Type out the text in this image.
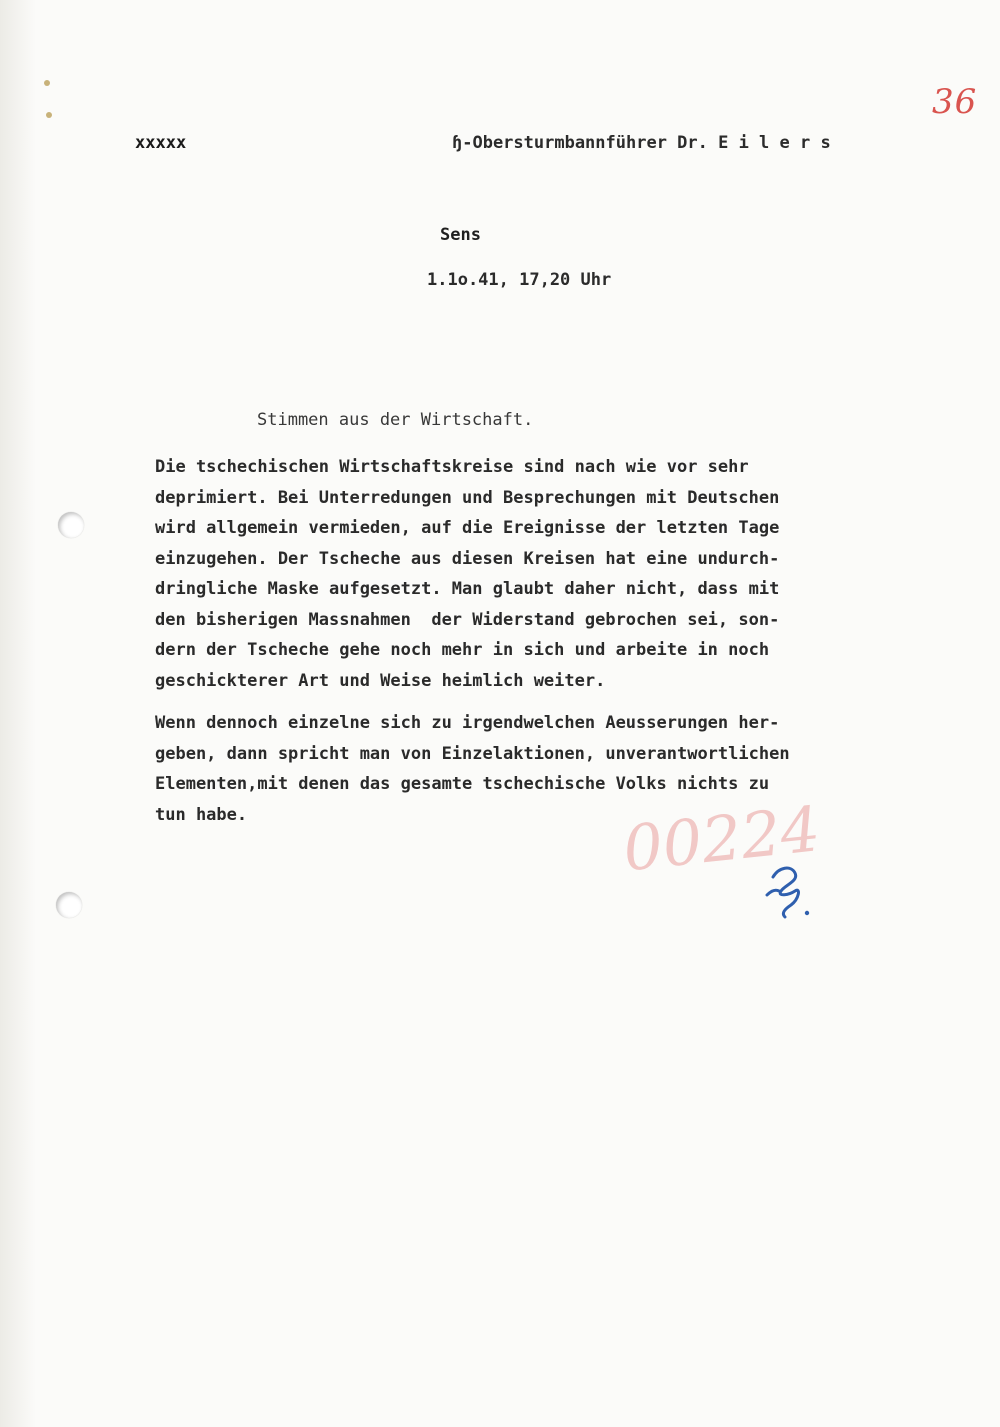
36
xxxxx	ɧ-Obersturmbannführer Dr. E i l e r s
Sens
1.1o.41, 17,20 Uhr
Stimmen aus der Wirtschaft.
Die tschechischen Wirtschaftskreise sind nach wie vor sehr
deprimiert. Bei Unterredungen und Besprechungen mit Deutschen
wird allgemein vermieden, auf die Ereignisse der letzten Tage
einzugehen. Der Tscheche aus diesen Kreisen hat eine undurch-
dringliche Maske aufgesetzt. Man glaubt daher nicht, dass mit
den bisherigen Massnahmen  der Widerstand gebrochen sei, son-
dern der Tscheche gehe noch mehr in sich und arbeite in noch
geschickterer Art und Weise heimlich weiter.
Wenn dennoch einzelne sich zu irgendwelchen Aeusserungen her-
geben, dann spricht man von Einzelaktionen, unverantwortlichen
Elementen,mit denen das gesamte tschechische Volks nichts zu
tun habe.	00224
